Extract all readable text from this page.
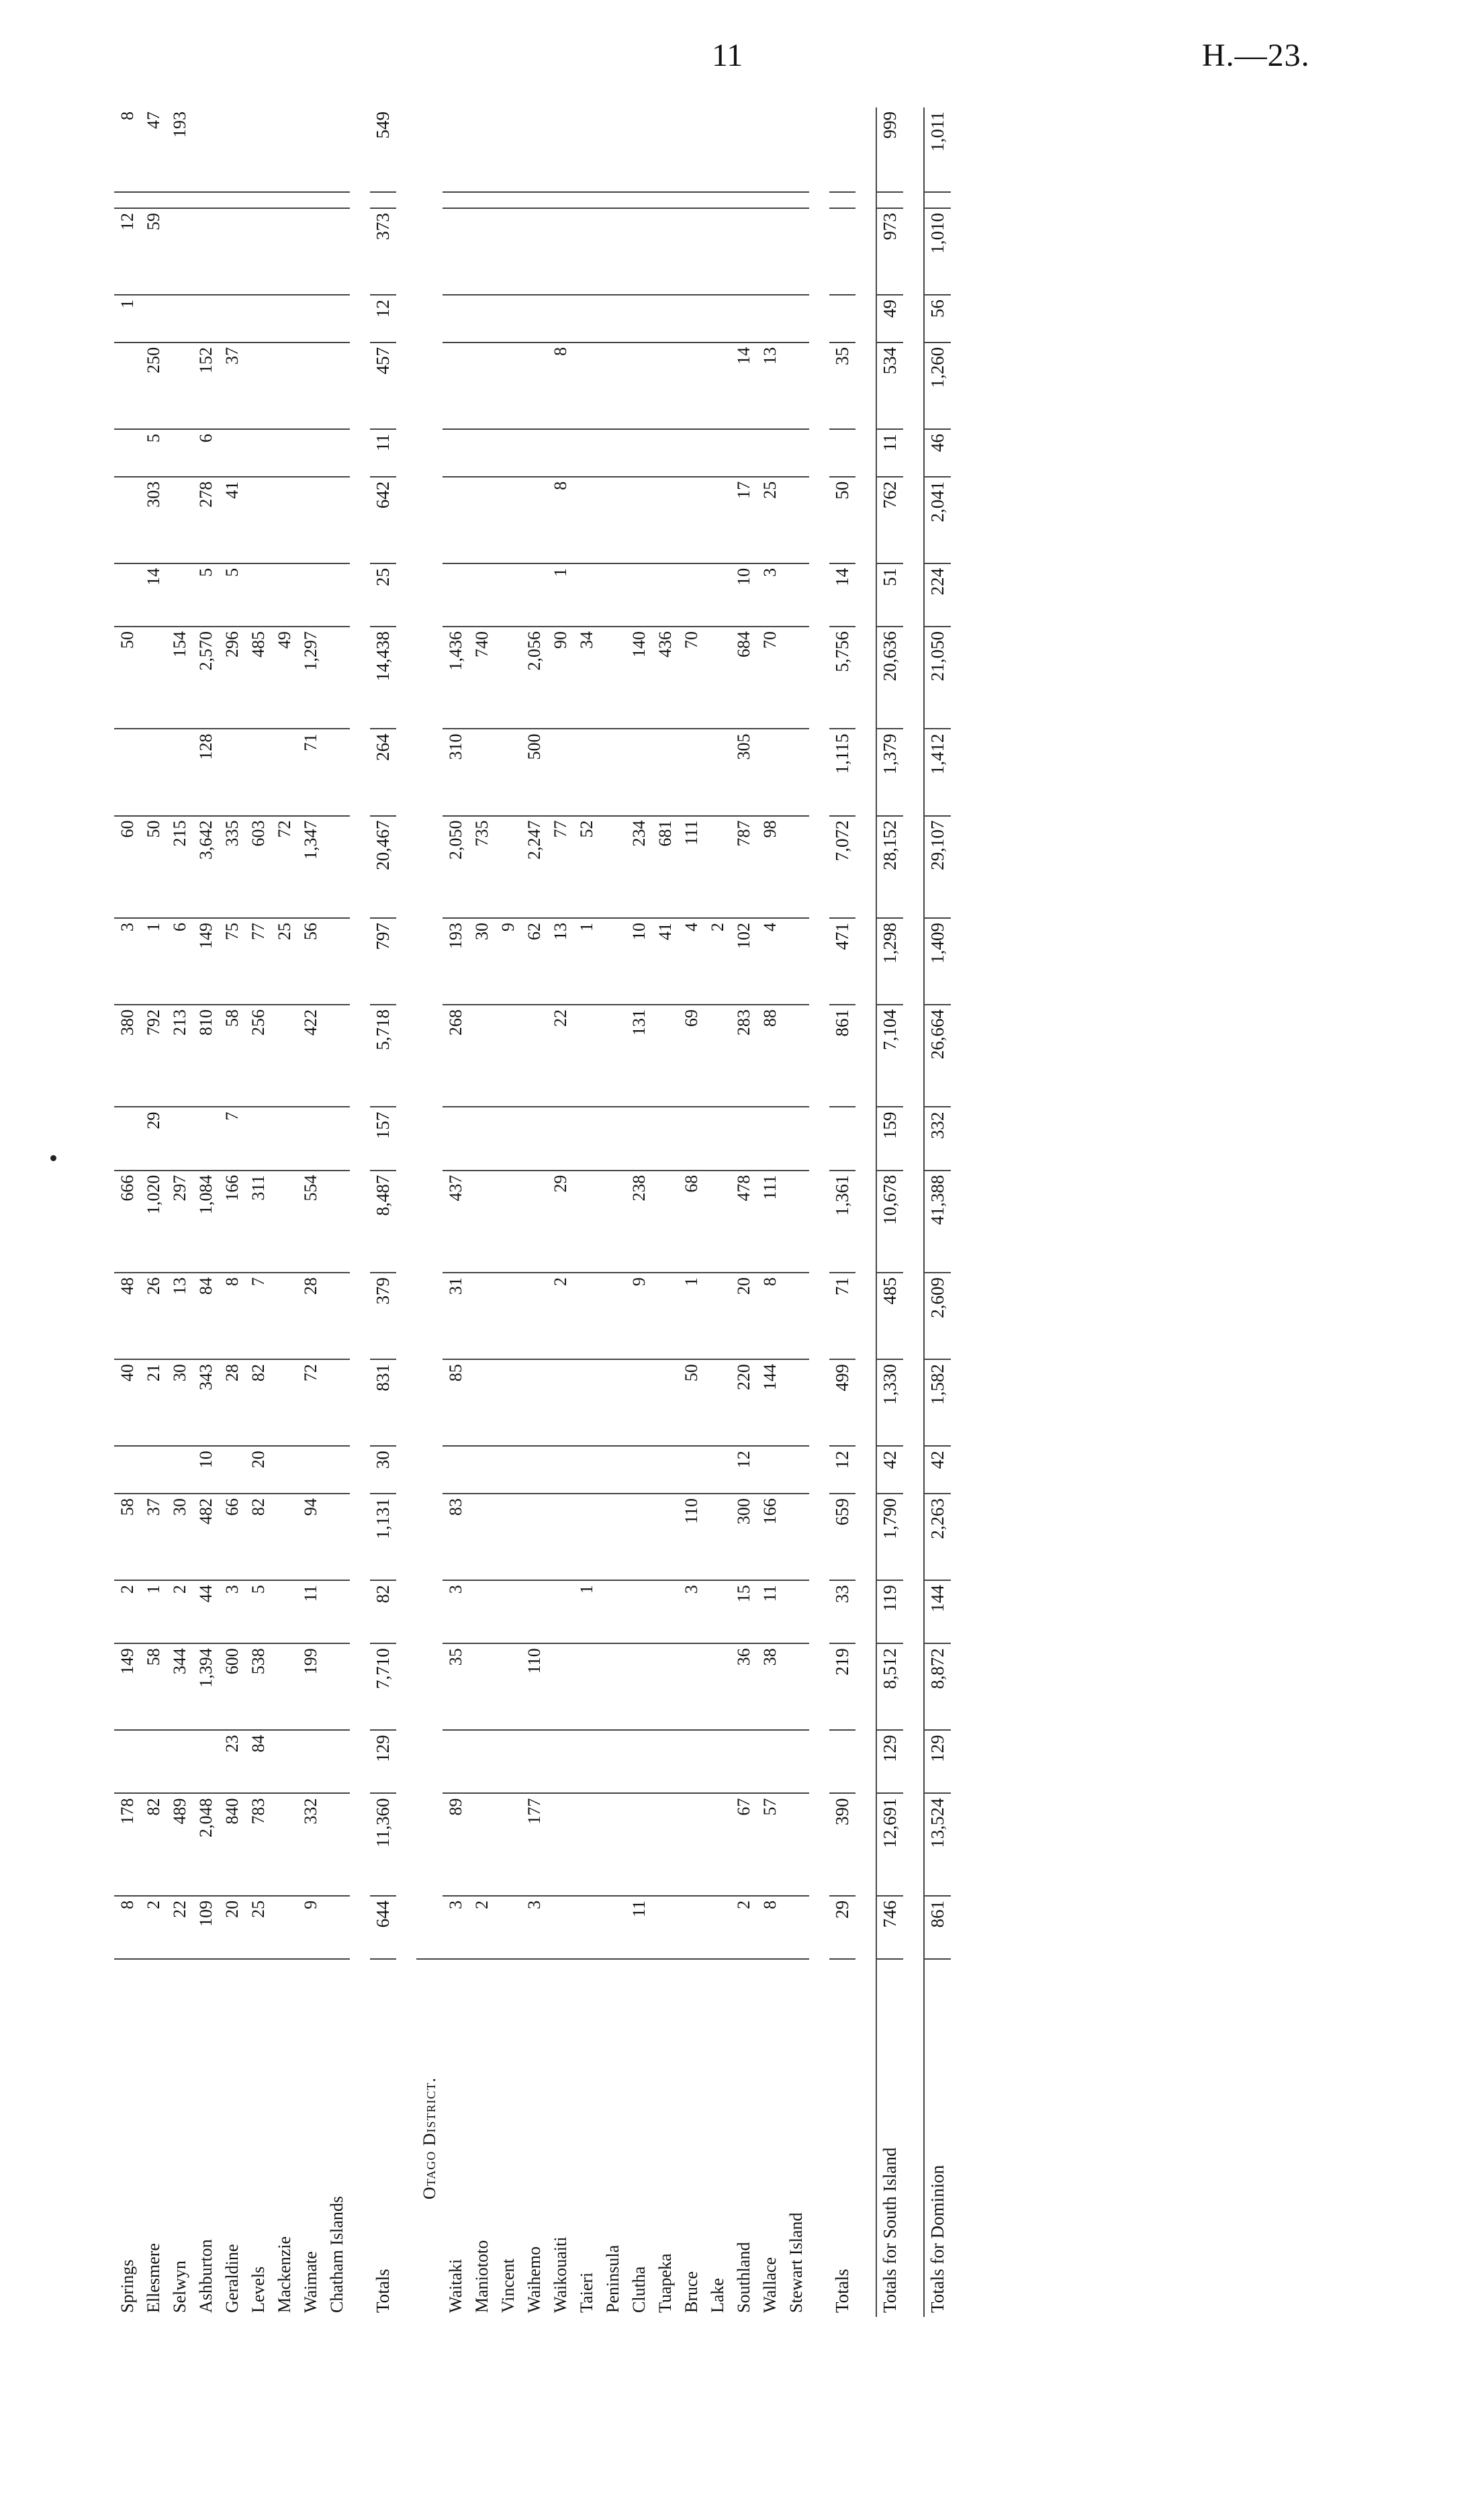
11	H.—23.
Springs	8	178		149	2	58		40	48	666		380	3	60		50					1	12		8
Ellesmere	2	82		58	1	37		21	26	1,020	29	792	1	50			14	303	5	250		59		47
Selwyn	22	489		344	2	30		30	13	297		213	6	215		154								193
Ashburton	109	2,048		1,394	44	482	10	343	84	1,084		810	149	3,642	128	2,570	5	278	6	152				
Geraldine	20	840	23	600	3	66		28	8	166	7	58	75	335		296	5	41		37				
Levels	25	783	84	538	5	82	20	82	7	311		256	77	603		485								
Mackenzie													25	72		49								
Waimate	9	332		199	11	94		72	28	554		422	56	1,347	71	1,297								
Chatham Islands																								

Totals	644	11,360	129	7,710	82	1,131	30	831	379	8,487	157	5,718	797	20,467	264	14,438	25	642	11	457	12	373		549

Otago District.																								
Waitaki	3	89		35	3	83		85	31	437		268	193	2,050	310	1,436								
Maniototo	2												30	735		740								
Vincent													9											
Waihemo	3	177		110									62	2,247	500	2,056								
Waikouaiti									2	29		22	13	77		90	1	8		8				
Taieri					1								1	52		34								
Peninsula																								
Clutha	11								9	238		131	10	234		140								
Tuapeka													41	681		436								
Bruce					3	110		50	1	68		69	4	111		70								
Lake													2											
Southland	2	67		36	15	300	12	220	20	478		283	102	787	305	684	10	17		14				
Wallace	8	57		38	11	166		144	8	111		88	4	98		70	3	25		13				
Stewart Island																								

Totals	29	390		219	33	659	12	499	71	1,361		861	471	7,072	1,115	5,756	14	50		35				

Totals for South Island	746	12,691	129	8,512	119	1,790	42	1,330	485	10,678	159	7,104	1,298	28,152	1,379	20,636	51	762	11	534	49	973		999

Totals for Dominion	861	13,524	129	8,872	144	2,263	42	1,582	2,609	41,388	332	26,664	1,409	29,107	1,412	21,050	224	2,041	46	1,260	56	1,010		1,011
